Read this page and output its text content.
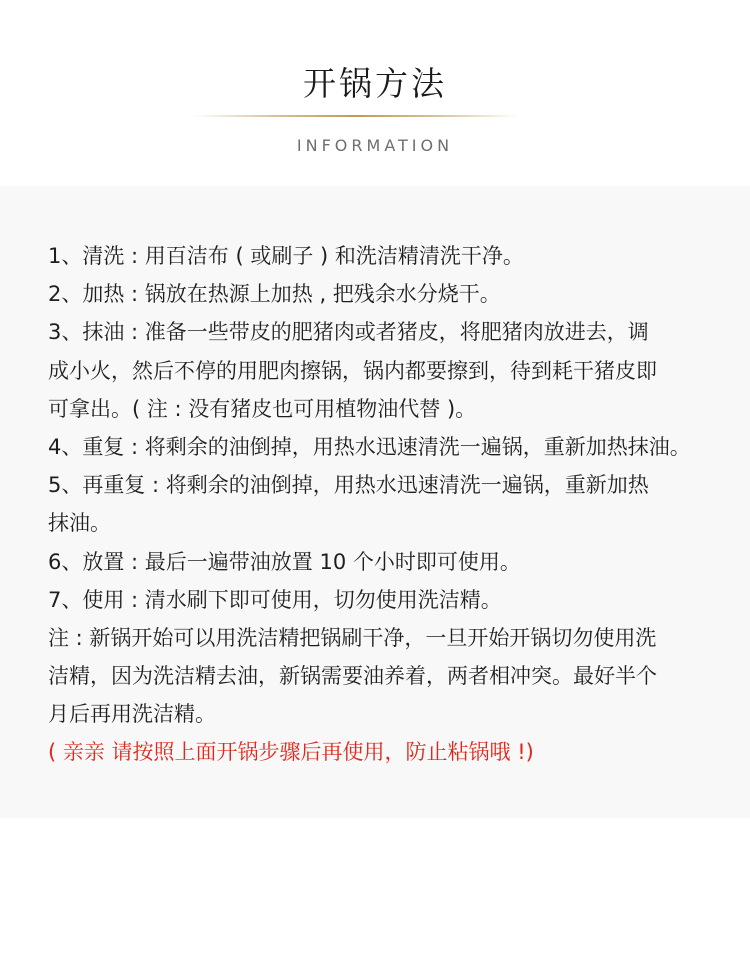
开锅方法
INFORMATION
1、清洗 : 用百洁布 ( 或刷子 ) 和洗洁精清洗干净。
2、加热 : 锅放在热源上加热 , 把残余水分烧干。
3、抹油 : 准备一些带皮的肥猪肉或者猪皮，将肥猪肉放进去，调
成小火，然后不停的用肥肉擦锅，锅内都要擦到，待到耗干猪皮即
可拿出。( 注 : 没有猪皮也可用植物油代替 )。
4、重复 : 将剩余的油倒掉，用热水迅速清洗一遍锅，重新加热抹油。
5、再重复 : 将剩余的油倒掉，用热水迅速清洗一遍锅，重新加热
抹油。
6、放置 : 最后一遍带油放置 10 个小时即可使用。
7、使用 : 清水刷下即可使用，切勿使用洗洁精。
注 : 新锅开始可以用洗洁精把锅刷干净，一旦开始开锅切勿使用洗
洁精，因为洗洁精去油，新锅需要油养着，两者相冲突。最好半个
月后再用洗洁精。
( 亲亲 请按照上面开锅步骤后再使用，防止粘锅哦 !)
